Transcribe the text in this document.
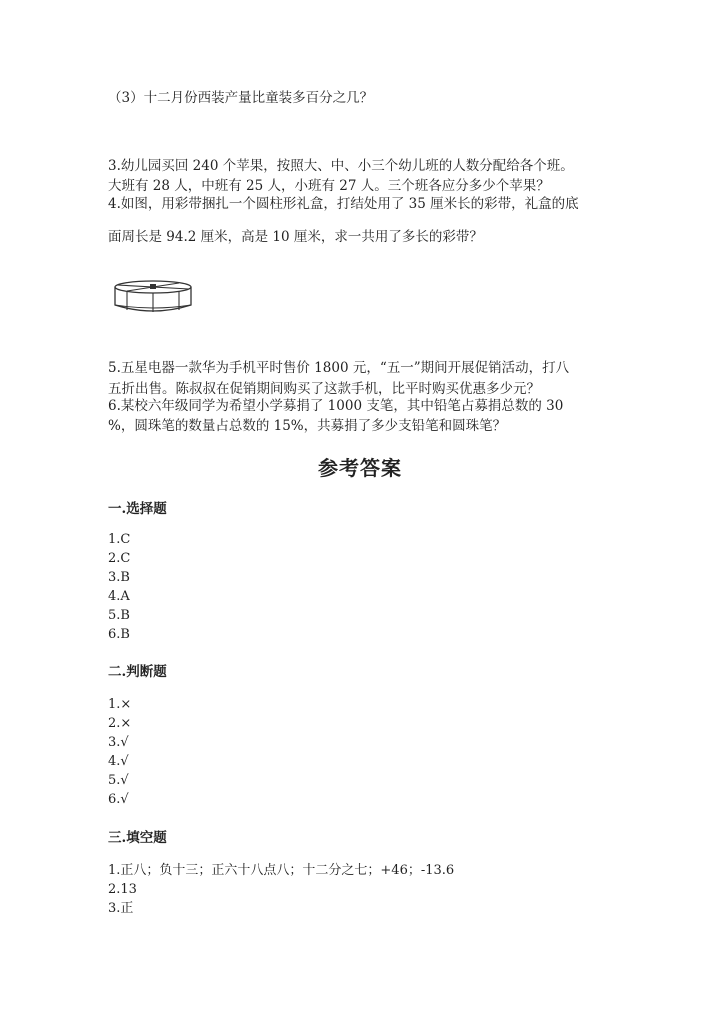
（3）十二月份西装产量比童装多百分之几？
3.幼儿园买回 240 个苹果，按照大、中、小三个幼儿班的人数分配给各个班。
大班有 28 人，中班有 25 人，小班有 27 人。三个班各应分多少个苹果？
4.如图，用彩带捆扎一个圆柱形礼盒，打结处用了 35 厘米长的彩带，礼盒的底
面周长是 94.2 厘米，高是 10 厘米，求一共用了多长的彩带？
5.五星电器一款华为手机平时售价 1800 元，“五一”期间开展促销活动，打八
五折出售。陈叔叔在促销期间购买了这款手机，比平时购买优惠多少元？
6.某校六年级同学为希望小学募捐了 1000 支笔，其中铅笔占募捐总数的 30
%，圆珠笔的数量占总数的 15%，共募捐了多少支铅笔和圆珠笔？
参考答案
一.选择题
1.C
2.C
3.B
4.A
5.B
6.B
二.判断题
1.×
2.×
3.√
4.√
5.√
6.√
三.填空题
1.正八；负十三；正六十八点八；十二分之七；+46；-13.6
2.13
3.正
